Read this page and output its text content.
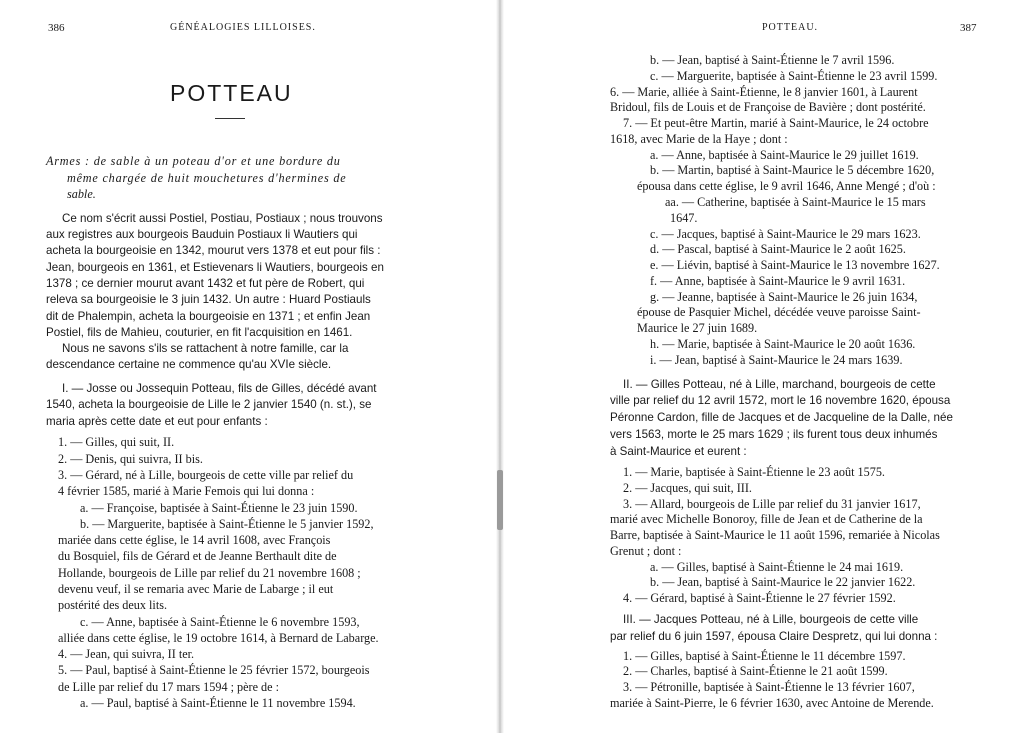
386	GÉNÉALOGIES LILLOISES.
POTTEAU
Armes : de sable à un poteau d'or et une bordure du
même chargée de huit mouchetures d'hermines de
sable.
Ce nom s'écrit aussi Postiel, Postiau, Postiaux ; nous trouvons
aux registres aux bourgeois Bauduin Postiaux li Wautiers qui
acheta la bourgeoisie en 1342, mourut vers 1378 et eut pour fils :
Jean, bourgeois en 1361, et Estievenars li Wautiers, bourgeois en
1378 ; ce dernier mourut avant 1432 et fut père de Robert, qui
releva sa bourgeoisie le 3 juin 1432. Un autre : Huard Postiauls
dit de Phalempin, acheta la bourgeoisie en 1371 ; et enfin Jean
Postiel, fils de Mahieu, couturier, en fit l'acquisition en 1461.
Nous ne savons s'ils se rattachent à notre famille, car la
descendance certaine ne commence qu'au XVIe siècle.
I. — Josse ou Jossequin Potteau, fils de Gilles, décédé avant
1540, acheta la bourgeoisie de Lille le 2 janvier 1540 (n. st.), se
maria après cette date et eut pour enfants :
1. — Gilles, qui suit, II.
2. — Denis, qui suivra, II bis.
3. — Gérard, né à Lille, bourgeois de cette ville par relief du
4 février 1585, marié à Marie Femois qui lui donna :
a. — Françoise, baptisée à Saint-Étienne le 23 juin 1590.
b. — Marguerite, baptisée à Saint-Étienne le 5 janvier 1592,
mariée dans cette église, le 14 avril 1608, avec François
du Bosquiel, fils de Gérard et de Jeanne Berthault dite de
Hollande, bourgeois de Lille par relief du 21 novembre 1608 ;
devenu veuf, il se remaria avec Marie de Labarge ; il eut
postérité des deux lits.
c. — Anne, baptisée à Saint-Étienne le 6 novembre 1593,
alliée dans cette église, le 19 octobre 1614, à Bernard de Labarge.
4. — Jean, qui suivra, II ter.
5. — Paul, baptisé à Saint-Étienne le 25 février 1572, bourgeois
de Lille par relief du 17 mars 1594 ; père de :
a. — Paul, baptisé à Saint-Étienne le 11 novembre 1594.
POTTEAU.	387
b. — Jean, baptisé à Saint-Étienne le 7 avril 1596.
c. — Marguerite, baptisée à Saint-Étienne le 23 avril 1599.
6. — Marie, alliée à Saint-Étienne, le 8 janvier 1601, à Laurent
Bridoul, fils de Louis et de Françoise de Bavière ; dont postérité.
7. — Et peut-être Martin, marié à Saint-Maurice, le 24 octobre
1618, avec Marie de la Haye ; dont :
a. — Anne, baptisée à Saint-Maurice le 29 juillet 1619.
b. — Martin, baptisé à Saint-Maurice le 5 décembre 1620,
épousa dans cette église, le 9 avril 1646, Anne Mengé ; d'où :
aa. — Catherine, baptisée à Saint-Maurice le 15 mars
1647.
c. — Jacques, baptisé à Saint-Maurice le 29 mars 1623.
d. — Pascal, baptisé à Saint-Maurice le 2 août 1625.
e. — Liévin, baptisé à Saint-Maurice le 13 novembre 1627.
f. — Anne, baptisée à Saint-Maurice le 9 avril 1631.
g. — Jeanne, baptisée à Saint-Maurice le 26 juin 1634,
épouse de Pasquier Michel, décédée veuve paroisse Saint-
Maurice le 27 juin 1689.
h. — Marie, baptisée à Saint-Maurice le 20 août 1636.
i. — Jean, baptisé à Saint-Maurice le 24 mars 1639.
II. — Gilles Potteau, né à Lille, marchand, bourgeois de cette
ville par relief du 12 avril 1572, mort le 16 novembre 1620, épousa
Péronne Cardon, fille de Jacques et de Jacqueline de la Dalle, née
vers 1563, morte le 25 mars 1629 ; ils furent tous deux inhumés
à Saint-Maurice et eurent :
1. — Marie, baptisée à Saint-Étienne le 23 août 1575.
2. — Jacques, qui suit, III.
3. — Allard, bourgeois de Lille par relief du 31 janvier 1617,
marié avec Michelle Bonoroy, fille de Jean et de Catherine de la
Barre, baptisée à Saint-Maurice le 11 août 1596, remariée à Nicolas
Grenut ; dont :
a. — Gilles, baptisé à Saint-Étienne le 24 mai 1619.
b. — Jean, baptisé à Saint-Maurice le 22 janvier 1622.
4. — Gérard, baptisé à Saint-Étienne le 27 février 1592.
III. — Jacques Potteau, né à Lille, bourgeois de cette ville
par relief du 6 juin 1597, épousa Claire Despretz, qui lui donna :
1. — Gilles, baptisé à Saint-Étienne le 11 décembre 1597.
2. — Charles, baptisé à Saint-Étienne le 21 août 1599.
3. — Pétronille, baptisée à Saint-Étienne le 13 février 1607,
mariée à Saint-Pierre, le 6 février 1630, avec Antoine de Merende.
